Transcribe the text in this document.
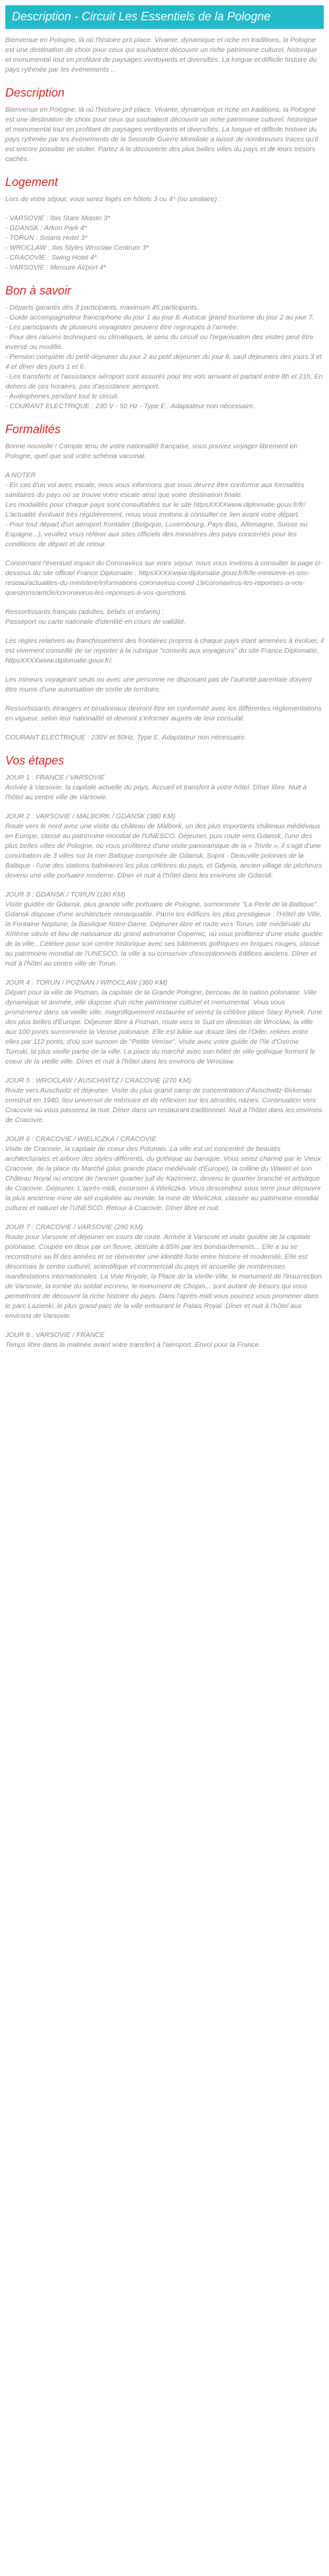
Description - Circuit Les Essentiels de la Pologne

Bienvenue en Pologne, là où l'histoire prit place. Vivante, dynamique et riche en traditions, la Pologne est une destination de choix pour ceux qui souhaitent découvrir un riche patrimoine culturel, historique et monumental tout en profitant de paysages verdoyants et diversifiés. La longue et difficile histoire du pays rythmée par les événements ...

Description

Bienvenue en Pologne, là où l'histoire prit place. Vivante, dynamique et riche en traditions, la Pologne est une destination de choix pour ceux qui souhaitent découvrir un riche patrimoine culturel, historique et monumental tout en profitant de paysages verdoyants et diversifiés. La longue et difficile histoire du pays rythmée par les événements de la Seconde Guerre Mondiale a laissé de nombreuses traces qu'il est encore possible de visiter. Partez à la découverte des plus belles villes du pays et de leurs trésors cachés.

Logement
Lors de votre séjour, vous serez logés en hôtels 3 ou 4* (ou similaire) :
- VARSOVIE : Ibis Stare Miasto 3*
- GDANSK : Arkon Park 4*
- TORUN : Solaris Hotel 3*
- WROCLAW : Ibis Styles Wroclaw Centrum 3*
- CRACOVIE : Swing Hotel 4*
- VARSOVIE : Mercure Airport 4*
Bon à savoir
- Départs garantis dès 3 participants, maximum 45 participants.
- Guide accompagnateur francophone du jour 1 au jour 8. Autocar grand tourisme du jour 2 au jour 7.
- Les participants de plusieurs voyagistes peuvent être regroupés à l'arrivée.
- Pour des raisons techniques ou climatiques, le sens du circuit ou l'organisation des visites peut être inversé ou modifié.
- Pension complète du petit-déjeuner du jour 2 au petit déjeuner du jour 8, sauf déjeuners des jours 3 et 4 et dîner des jours 1 et 6.
- Les transferts et l'assistance aéroport sont assurés pour les vols arrivant et partant entre 8h et 21h. En dehors de ces horaires, pas d'assistance aéroport.
- Audiophones pendant tout le circuit.
- COURANT ELECTRIQUE : 230 V - 50 Hz - Type E : Adaptateur non nécessaire.
Formalités

Bonne nouvelle ! Compte tenu de votre nationalité française, vous pouvez voyager librement en Pologne, quel que soit votre schéma vaccinal.

A NOTER
- En cas d'un vol avec escale, nous vous informons que vous devrez être conforme aux formalités sanitaires du pays où se trouve votre escale ainsi que votre destination finale.
Les modalités pour chaque pays sont consultables sur le site httpsXXXXwww.diplomatie.gouv.fr/fr/ L'actualité évoluant très régulièrement, nous vous invitons à consulter ce lien avant votre départ.
- Pour tout départ d'un aéroport frontalier (Belgique, Luxembourg, Pays-Bas, Allemagne, Suisse ou Espagne...), veuillez vous référer aux sites officiels des ministères des pays concernés pour les conditions de départ et de retour.

Concernant l'éventuel impact du Coronavirus sur votre séjour, nous vous invitons à consulter la page ci-dessous du site officiel France Diplomatie : httpsXXXXwww.diplomatie.gouv.fr/fr/le-ministere-et-son-reseau/actualites-du-ministere/informations-coronavirus-covid-19/coronavirus-les-reponses-a-vos-questions/article/coronavirus-les-reponses-a-vos-questions

Ressortissants français (adultes, bébés et enfants) :
Passeport ou carte nationale d'identité en cours de validité.

Les règles relatives au franchissement des frontières propres à chaque pays étant amenées à évoluer, il est vivement conseillé de se reporter à la rubrique "conseils aux voyageurs" du site France Diplomatie, httpsXXXXwww.diplomatie.gouv.fr/.

Les mineurs voyageant seuls ou avec une personne ne disposant pas de l'autorité parentale doivent être munis d'une autorisation de sortie de territoire.

Ressortissants étrangers et binationaux devront être en conformité avec les différentes réglementations en vigueur, selon leur nationalité et devront s'informer auprès de leur consulat.

COURANT ELECTRIQUE : 230V et 50Hz. Type E, Adaptateur non nécessaire.

Vos étapes
JOUR 1 : FRANCE / VARSOVIE
Arrivée à Varsovie, la capitale actuelle du pays. Accueil et transfert à votre hôtel. Dîner libre. Nuit à l'hôtel au centre ville de Varsovie.
JOUR 2 : VARSOVIE / MALBORK / GDANSK (380 KM)
Route vers le nord avec une visite du château de Malbork, un des plus importants châteaux médiévaux en Europe, classé au patrimoine mondial de l'UNESCO. Déjeuner, puis route vers Gdansk, l'une des plus belles villes de Pologne, où vous profiterez d'une visite panoramique de la « Trivile », il s'agit d'une conurbation de 3 villes sur la mer Baltique composée de Gdansk, Sopot - Deauville polonais de la Baltique - l'une des stations balnéaires les plus célèbres du pays, et Gdynia, ancien village de pêcheurs devenu une ville portuaire moderne. Dîner et nuit à l'hôtel dans les environs de Gdansk.
JOUR 3 : GDANSK / TORUN (180 KM)
Visite guidée de Gdansk, plus grande ville portuaire de Pologne, surnommée "La Perle de la Baltique". Gdansk dispose d'une architecture remarquable. Parmi les édifices les plus prestigieux : l'Hôtel de Ville, la Fontaine Neptune, la Basilique Notre-Dame. Déjeuner libre et route vers Torun, cité médiévale du XIIIème siècle et lieu de naissance du grand astronome Copernic, où vous profiterez d'une visite guidée de la ville.. Célèbre pour son centre historique avec ses bâtiments gothiques en briques rouges, classé au patrimoine mondial de l'UNESCO, la ville a su conserver d'exceptionnels édifices anciens. Dîner et nuit à l'hôtel au centre ville de Torun.
JOUR 4 : TORUN / POZNAN / WROCLAW (360 KM)
Départ pour la ville de Poznan, la capitale de la Grande Pologne, berceau de la nation polonaise. Ville dynamique et animée, elle dispose d'un riche patrimoine culturel et monumental. Vous vous promènerez dans sa vieille ville, magnifiquement restaurée et verrez la célèbre place Stary Rynek, l'une des plus belles d'Europe. Déjeuner libre à Poznan, route vers le Sud en direction de Wroclaw, la ville aux 100 ponts surnommée la Venise polonaise. Elle est bâtie sur douze îles de l'Oder, reliées entre elles par 112 ponts, d'où son surnom de "Petite Venise". Visite avec votre guide de l'île d'Ostrów Tumski, la plus vieille partie de la ville. La place du marché avec son hôtel de ville gothique forment le coeur de la vieille ville. Dîner et nuit à l'hôtel dans les environs de Wroclaw.
JOUR 5 : WROCLAW / AUSCHWITZ / CRACOVIE (270 KM)
Route vers Auschwitz et déjeuner. Visite du plus grand camp de concentration d'Auschwitz-Birkenau construit en 1940, lieu universel de mémoire et de réflexion sur les atrocités nazies. Continuation vers Cracovie où vous passerez la nuit. Dîner dans un restaurant traditionnel. Nuit à l'hôtel dans les environs de Cracovie.
JOUR 6 : CRACOVIE / WIELICZKA / CRACOVIE
Visite de Cracovie, la capitale de coeur des Polonais. La ville est un concentré de beautés architecturales et arbore des styles différents, du gothique au baroque. Vous serez charmé par le Vieux Cracovie, de la place du Marché (plus grande place médiévale d'Europe), la colline du Wawel et son Château Royal ou encore de l'ancien quartier juif de Kazimierz, devenu le quartier branché et artistique de Cracovie. Déjeuner. L'après-midi, excursion à Wieliczka. Vous descendrez sous terre pour découvrir la plus ancienne mine de sel exploitée au monde, la mine de Wieliczka, classée au patrimoine mondial culturel et naturel de l'UNESCO. Retour à Cracovie. Dîner libre et nuit.
JOUR 7 : CRACOVIE / VARSOVIE (290 KM)
Route pour Varsovie et déjeuner en cours de route. Arrivée à Varsovie et visite guidée de la capitale polonaise. Coupée en deux par un fleuve, détruite à 85% par les bombardements... Elle a su se reconstruire au fil des années et se réinventer une identité forte entre histoire et modernité. Elle est désormais le centre culturel, scientifique et commercial du pays et accueille de nombreuses manifestations internationales. La Voie Royale, la Place de la Vieille-Ville, le monument de l'insurrection de Varsovie, la tombe du soldat inconnu, le monument de Chopin... sont autant de trésors qui vous permettront de découvrir la riche histoire du pays. Dans l'après-midi vous pourrez vous promener dans le parc Lazienki, le plus grand parc de la ville entourant le Palais Royal. Dîner et nuit à l'hôtel aux environs de Varsovie.
JOUR 8 : VARSOVIE / FRANCE
Temps libre dans la matinée avant votre transfert à l'aéroport. Envol pour la France.
